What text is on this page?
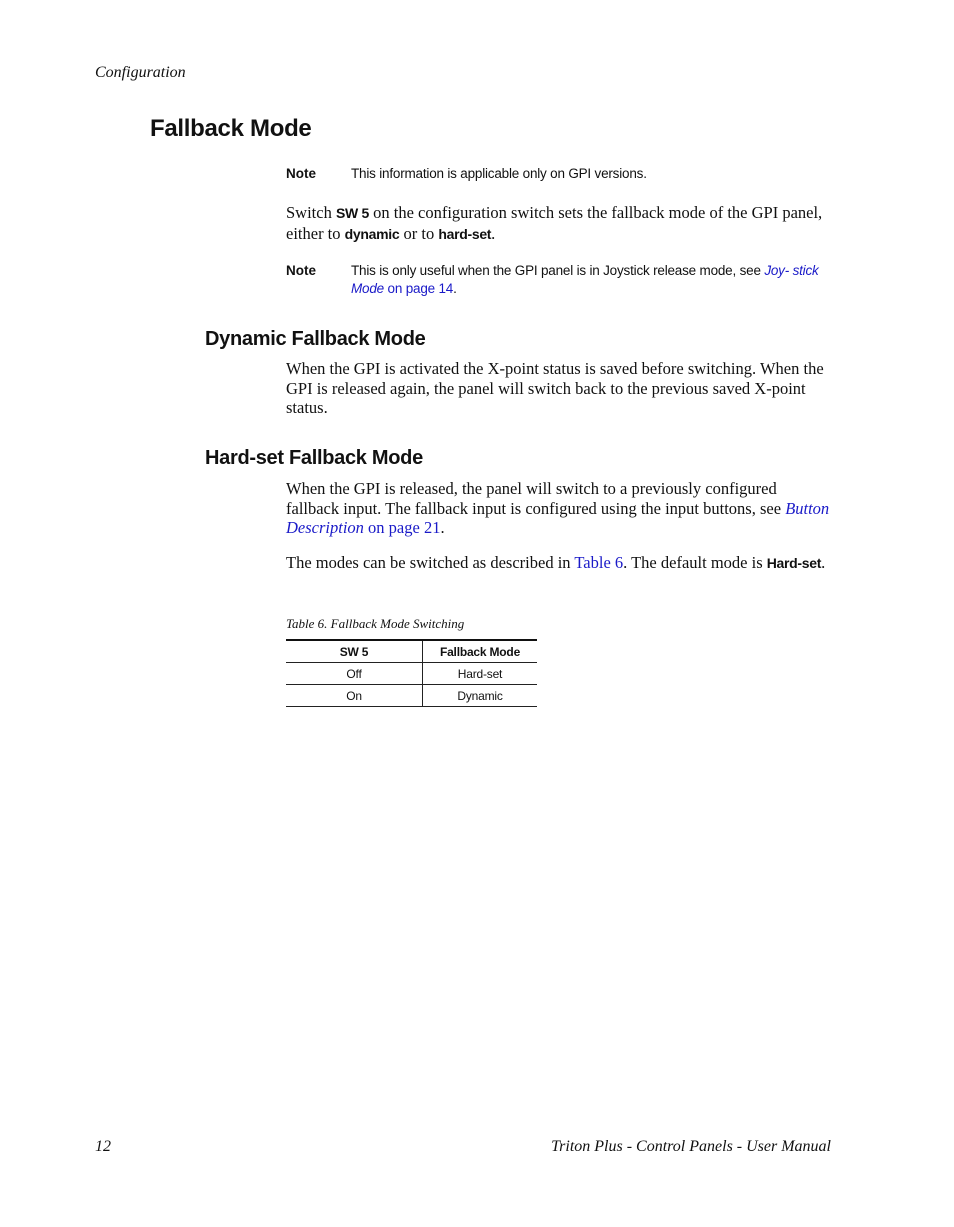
Configuration
Fallback Mode
Note	This information is applicable only on GPI versions.
Switch SW 5 on the configuration switch sets the fallback mode of the GPI panel, either to dynamic or to hard-set.
Note	This is only useful when the GPI panel is in Joystick release mode, see Joy- stick Mode on page 14.
Dynamic Fallback Mode
When the GPI is activated the X-point status is saved before switching. When the GPI is released again, the panel will switch back to the previous saved X-point status.
Hard-set Fallback Mode
When the GPI is released, the panel will switch to a previously configured fallback input. The fallback input is configured using the input buttons, see Button Description on page 21.
The modes can be switched as described in Table 6. The default mode is Hard-set.
Table 6. Fallback Mode Switching
SW 5	Fallback Mode
Off	Hard-set
On	Dynamic
12	Triton Plus - Control Panels - User Manual
